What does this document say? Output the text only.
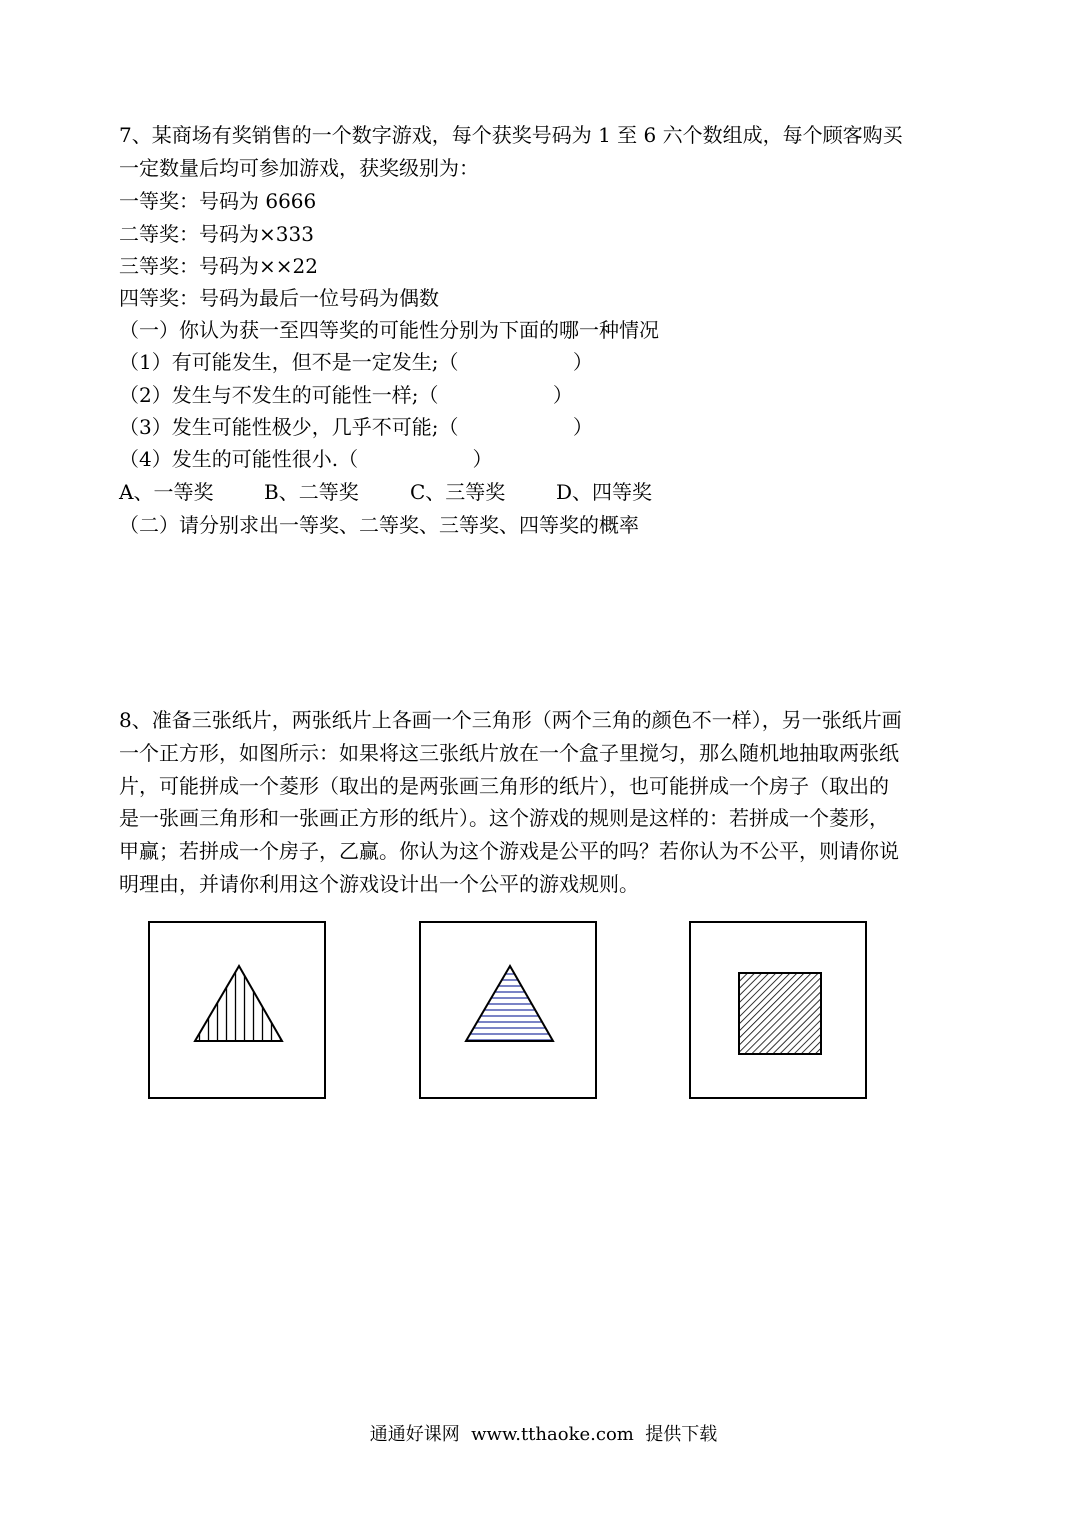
7、某商场有奖销售的一个数字游戏，每个获奖号码为 1 至 6 六个数组成，每个顾客购买
一定数量后均可参加游戏，获奖级别为：
一等奖：号码为 6666
二等奖：号码为×333
三等奖：号码为××22
四等奖：号码为最后一位号码为偶数
（一）你认为获一至四等奖的可能性分别为下面的哪一种情况
（1）有可能发生，但不是一定发生;（                  ）
（2）发生与不发生的可能性一样;（                  ）
（3）发生可能性极少，几乎不可能;（                  ）
（4）发生的可能性很小.（                  ）
A、一等奖	B、二等奖	C、三等奖	D、四等奖
（二）请分别求出一等奖、二等奖、三等奖、四等奖的概率
8、准备三张纸片，两张纸片上各画一个三角形（两个三角的颜色不一样），另一张纸片画
一个正方形，如图所示：如果将这三张纸片放在一个盒子里搅匀，那么随机地抽取两张纸
片，可能拼成一个菱形（取出的是两张画三角形的纸片），也可能拼成一个房子（取出的
是一张画三角形和一张画正方形的纸片）。这个游戏的规则是这样的：若拼成一个菱形，
甲赢；若拼成一个房子，乙赢。你认为这个游戏是公平的吗？若你认为不公平，则请你说
明理由，并请你利用这个游戏设计出一个公平的游戏规则。
通通好课网  www.tthaoke.com  提供下载
